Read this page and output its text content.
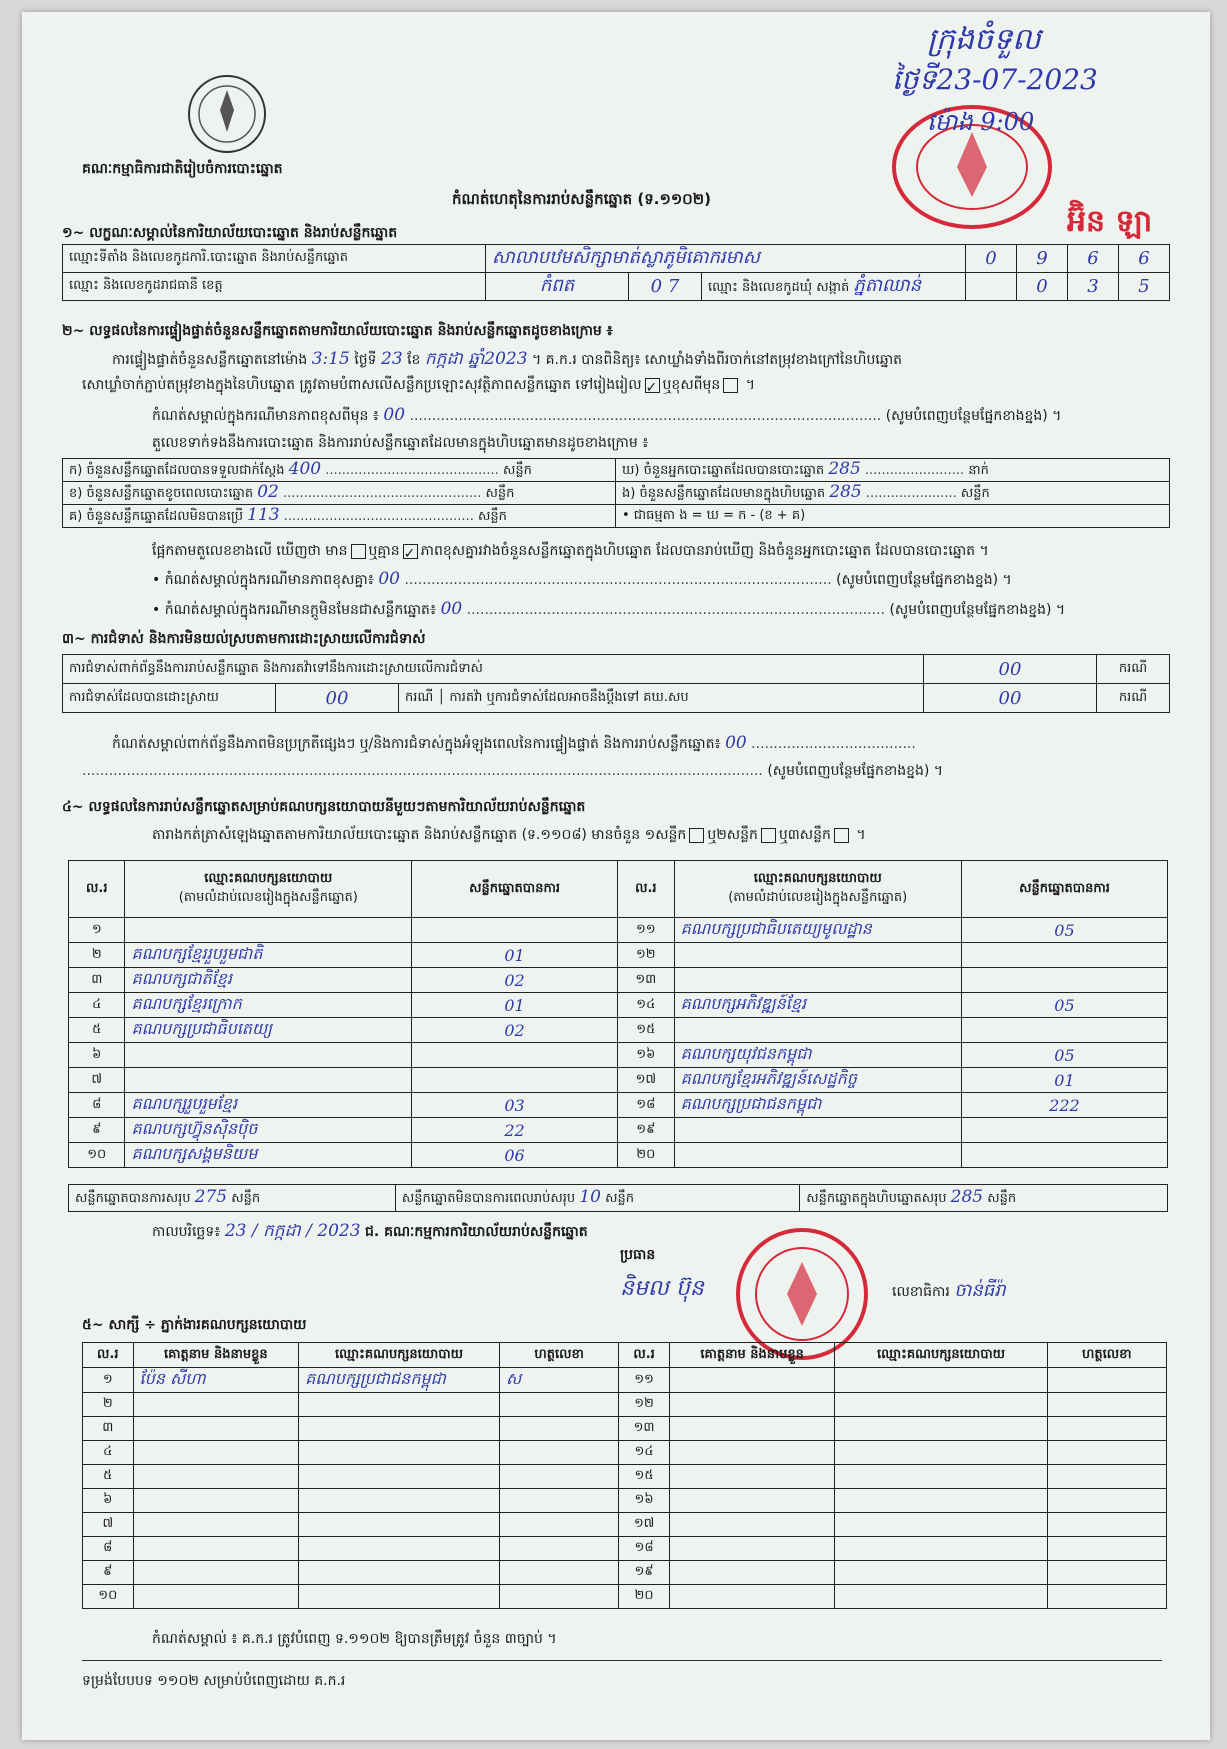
គណៈកម្មាធិការជាតិរៀបចំការបោះឆ្នោត
កំណត់ហេតុនៃការរាប់សន្លឹកឆ្នោត (ទ.១១០២)
ក្រុងចំទួល
ថ្ងៃទី23-07-2023
ម៉ោង 9:00
អ៊ិន ឡា
១~ លក្ខណៈសម្គាល់នៃការិយាល័យបោះឆ្នោត និងរាប់សន្លឹកឆ្នោត
ឈ្មោះទីតាំង និងលេខកូដការិ.បោះឆ្នោត និងរាប់សន្លឹកឆ្នោត	សាលាបឋមសិក្សាមាត់ស្លាភូមិគោករមាស			0	9	6	6
ឈ្មោះ និងលេខកូដរាជធានី ខេត្ត	កំពត	0 7	ឈ្មោះ និងលេខកូដឃុំ សង្កាត់ ភ្នំតាឈាន់		0	3	5
២~ លទ្ធផលនៃការផ្ទៀងផ្ទាត់ចំនួនសន្លឹកឆ្នោតតាមការិយាល័យបោះឆ្នោត និងរាប់សន្លឹកឆ្នោតដូចខាងក្រោម ៖
ការផ្ទៀងផ្ទាត់ចំនួនសន្លឹកឆ្នោតនៅម៉ោង 3:15 ថ្ងៃទី 23 ខែ កក្កដា ឆ្នាំ2023 ។ គ.ក.រ បានពិនិត្យ៖ សោឃ្លាំងទាំងពីរចាក់នៅតម្រុវខាងក្រៅនៃហិបឆ្នោត
សោឃ្លាំចាក់ភ្ជាប់តម្រុវខាងក្នុងនៃហិបឆ្នោត ត្រូវតាមបំពាសលើសន្លឹកប្រឡោះសុវត្ថិភាពសន្លឹកឆ្នោត ទៅរៀងរៀល ✓ ឬខុសពីមុន ។
កំណត់សម្គាល់ក្នុងករណីមានភាពខុសពីមុន ៖ 00 .......................................................................................................... (សូមបំពេញបន្ថែមផ្នែកខាងខ្នង) ។
តួលេខទាក់ទងនឹងការបោះឆ្នោត និងការរាប់សន្លឹកឆ្នោតដែលមានក្នុងហិបឆ្នោតមានដូចខាងក្រោម ៖
ក) ចំនួនសន្លឹកឆ្នោតដែលបានទទួលជាក់ស្តែង 400 .......................................... សន្លឹក	ឃ) ចំនួនអ្នកបោះឆ្នោតដែលបានបោះឆ្នោត 285 ........................ នាក់
ខ) ចំនួនសន្លឹកឆ្នោតខូចពេលបោះឆ្នោត 02 ................................................ សន្លឹក	ង) ចំនួនសន្លឹកឆ្នោតដែលមានក្នុងហិបឆ្នោត 285 ...................... សន្លឹក
គ) ចំនួនសន្លឹកឆ្នោតដែលមិនបានប្រើ 113 .............................................. សន្លឹក	• ជាធម្មតា ង = ឃ = ក - (ខ + គ)
ផ្អែកតាមតួលេខខាងលើ ឃើញថា មាន ឬគ្មាន ✓ ភាពខុសគ្នារវាងចំនួនសន្លឹកឆ្នោតក្នុងហិបឆ្នោត ដែលបានរាប់ឃើញ និងចំនួនអ្នកបោះឆ្នោត ដែលបានបោះឆ្នោត ។
• កំណត់សម្គាល់ក្នុងករណីមានភាពខុសគ្នា៖ 00 ................................................................................................ (សូមបំពេញបន្ថែមផ្នែកខាងខ្នង) ។
• កំណត់សម្គាល់ក្នុងករណីមានក្តូមិនមែនជាសន្លឹកឆ្នោត៖ 00 .............................................................................................. (សូមបំពេញបន្ថែមផ្នែកខាងខ្នង) ។
៣~ ការជំទាស់ និងការមិនយល់ស្របតាមការដោះស្រាយលើការជំទាស់
ការជំទាស់ពាក់ព័ន្ធនឹងការរាប់សន្លឹកឆ្នោត និងការតវ៉ាទៅនឹងការដោះស្រាយលើការជំទាស់			00	ករណី
ការជំទាស់ដែលបានដោះស្រាយ	00	ករណី │ ការតវ៉ា ឬការជំទាស់ដែលអាចនឹងប្តឹងទៅ គឃ.សប	00	ករណី
កំណត់សម្គាល់ពាក់ព័ន្ធនឹងភាពមិនប្រក្រតីផ្សេងៗ ឬ/និងការជំទាស់ក្នុងអំឡុងពេលនៃការផ្ទៀងផ្ទាត់ និងការរាប់សន្លឹកឆ្នោត៖ 00 .....................................
......................................................................................................................................................... (សូមបំពេញបន្ថែមផ្នែកខាងខ្នង) ។
៤~ លទ្ធផលនៃការរាប់សន្លឹកឆ្នោតសម្រាប់គណបក្សនយោបាយនីមួយៗតាមការិយាល័យរាប់សន្លឹកឆ្នោត
តារាងកត់ត្រាសំឡេងឆ្នោតតាមការិយាល័យបោះឆ្នោត និងរាប់សន្លឹកឆ្នោត (ទ.១១០៨) មានចំនួន ១សន្លឹក ឬ២សន្លឹក ឬ៣សន្លឹក ។
ល.រ	ឈ្មោះគណបក្សនយោបាយ
(តាមលំដាប់លេខរៀងក្នុងសន្លឹកឆ្នោត)	សន្លឹកឆ្នោតបានការ	ល.រ	ឈ្មោះគណបក្សនយោបាយ
(តាមលំដាប់លេខរៀងក្នុងសន្លឹកឆ្នោត)	សន្លឹកឆ្នោតបានការ
១			១១	គណបក្សប្រជាធិបតេយ្យមូលដ្ឋាន	05
២	គណបក្សខ្មែររួបរួមជាតិ	01	១២		
៣	គណបក្សជាតិខ្មែរ	02	១៣		
៤	គណបក្សខ្មែរក្រោក	01	១៤	គណបក្សអភិវឌ្ឍន៍ខ្មែរ	05
៥	គណបក្សប្រជាធិបតេយ្យ	02	១៥		
៦			១៦	គណបក្សយុវជនកម្ពុជា	05
៧			១៧	គណបក្សខ្មែរអភិវឌ្ឍន៍សេដ្ឋកិច្ច	01
៨	គណបក្សរួបរួមខ្មែរ	03	១៨	គណបក្សប្រជាជនកម្ពុជា	222
៩	គណបក្សហ៊្វុនស៊ិនប៉ិច	22	១៩		
១០	គណបក្សសង្គមនិយម	06	២០		
សន្លឹកឆ្នោតបានការសរុប 275 សន្លឹក	សន្លឹកឆ្នោតមិនបានការពេលរាប់សរុប 10 សន្លឹក	សន្លឹកឆ្នោតក្នុងហិបឆ្នោតសរុប 285 សន្លឹក
កាលបរិច្ឆេទ៖ 23 / កក្កដា / 2023 ជ. គណៈកម្មការការិយាល័យរាប់សន្លឹកឆ្នោត
ប្រធាន
និមល ប៊ុន	លេខាធិការ ចាន់ធីរ៉ា
៥~ សាក្សី ÷ ភ្នាក់ងារគណបក្សនយោបាយ
ល.រ	គោត្តនាម និងនាមខ្លួន	ឈ្មោះគណបក្សនយោបាយ	ហត្ថលេខា	ល.រ	គោត្តនាម និងនាមខ្លួន	ឈ្មោះគណបក្សនយោបាយ	ហត្ថលេខា
១	ប៉ែន សីហា	គណបក្សប្រជាជនកម្ពុជា	ស	១១			
២				១២			
៣				១៣			
៤				១៤			
៥				១៥			
៦				១៦			
៧				១៧			
៨				១៨			
៩				១៩			
១០				២០			
កំណត់សម្គាល់ ៖ គ.ក.រ ត្រូវបំពេញ ទ.១១០២ ឱ្យបានត្រឹមត្រូវ ចំនួន ៣ច្បាប់ ។
ទម្រង់បែបបទ ១១០២ សម្រាប់បំពេញដោយ គ.ក.រ
